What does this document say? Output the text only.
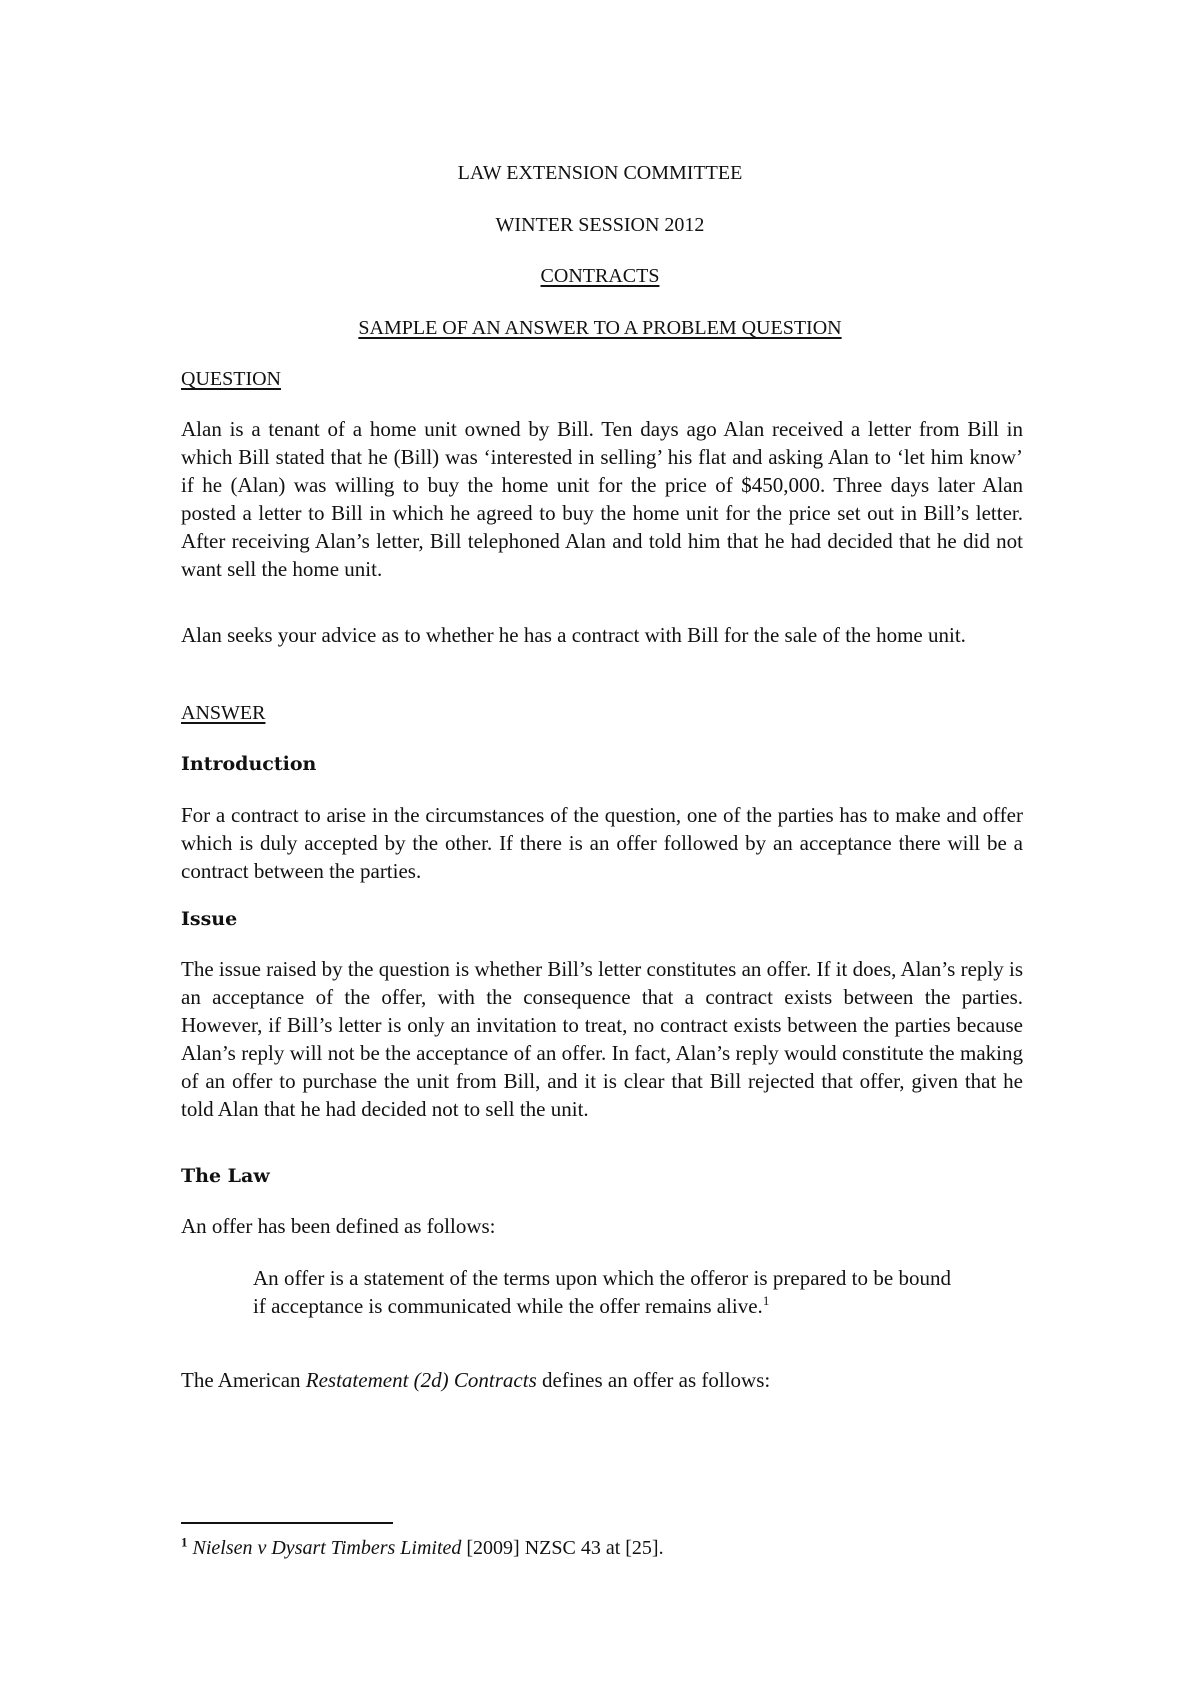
LAW EXTENSION COMMITTEE
WINTER SESSION 2012
CONTRACTS
SAMPLE OF AN ANSWER TO A PROBLEM QUESTION
QUESTION

Alan is a tenant of a home unit owned by Bill. Ten days ago Alan received a letter from Bill in which Bill stated that he (Bill) was ‘interested in selling’ his flat and asking Alan to ‘let him know’ if he (Alan) was willing to buy the home unit for the price of $450,000. Three days later Alan posted a letter to Bill in which he agreed to buy the home unit for the price set out in Bill’s letter. After receiving Alan’s letter, Bill telephoned Alan and told him that he had decided that he did not want sell the home unit.

Alan seeks your advice as to whether he has a contract with Bill for the sale of the home unit.

ANSWER
Introduction

For a contract to arise in the circumstances of the question, one of the parties has to make and offer which is duly accepted by the other. If there is an offer followed by an acceptance there will be a contract between the parties.

Issue

The issue raised by the question is whether Bill’s letter constitutes an offer. If it does, Alan’s reply is an acceptance of the offer, with the consequence that a contract exists between the parties. However, if Bill’s letter is only an invitation to treat, no contract exists between the parties because Alan’s reply will not be the acceptance of an offer. In fact, Alan’s reply would constitute the making of an offer to purchase the unit from Bill, and it is clear that Bill rejected that offer, given that he told Alan that he had decided not to sell the unit.

The Law

An offer has been defined as follows:

An offer is a statement of the terms upon which the offeror is prepared to be bound if acceptance is communicated while the offer remains alive.$^1$

The American Restatement (2d) Contracts defines an offer as follows:

$^1$ Nielsen v Dysart Timbers Limited [2009] NZSC 43 at [25].
